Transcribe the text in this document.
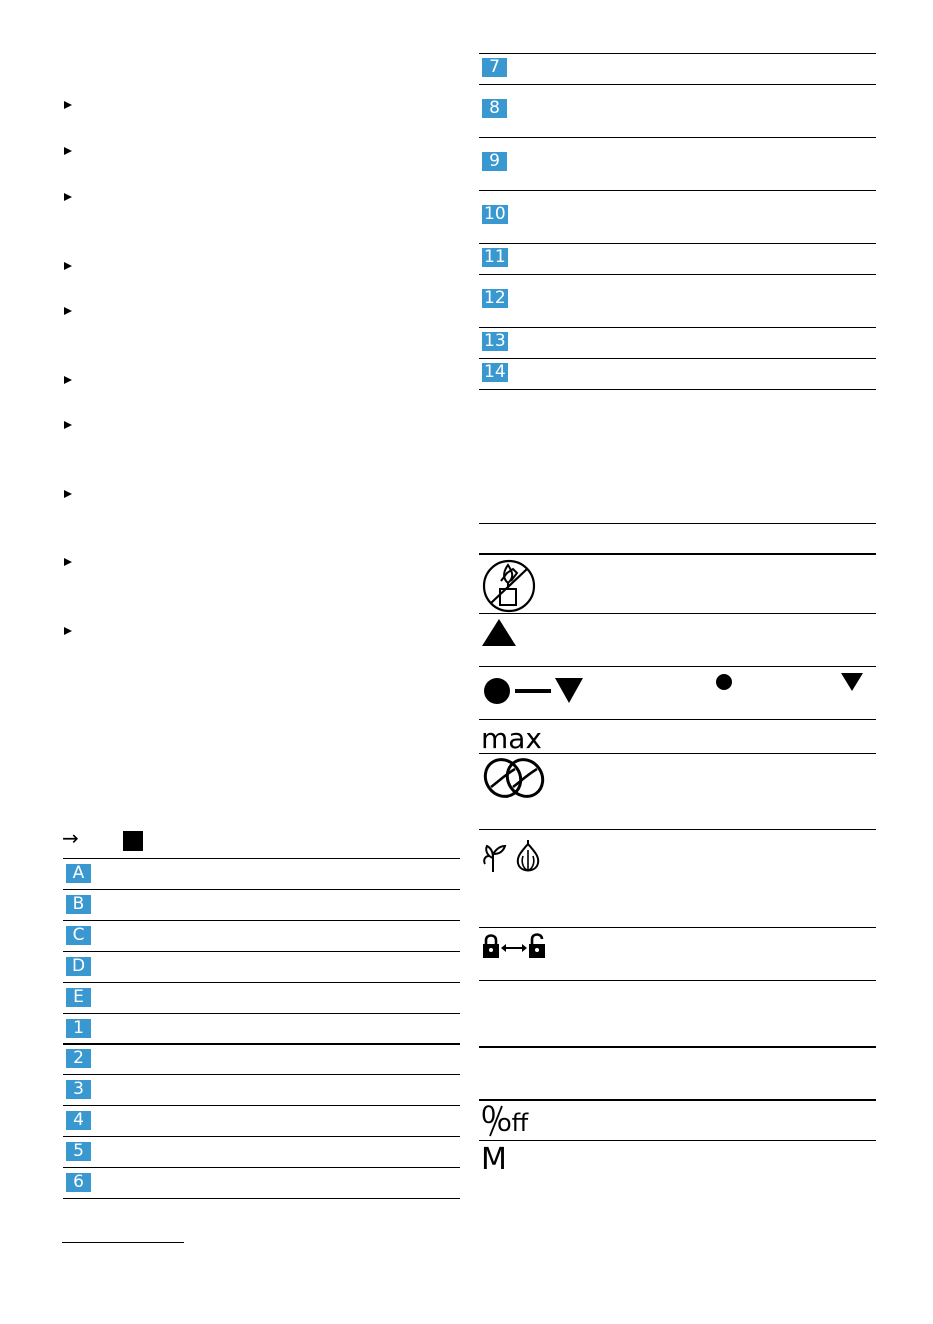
→
A
B
C
D
E
1
2
3
4
5
6
7
8
9
10
11
12
13
14
max
0 off
M
